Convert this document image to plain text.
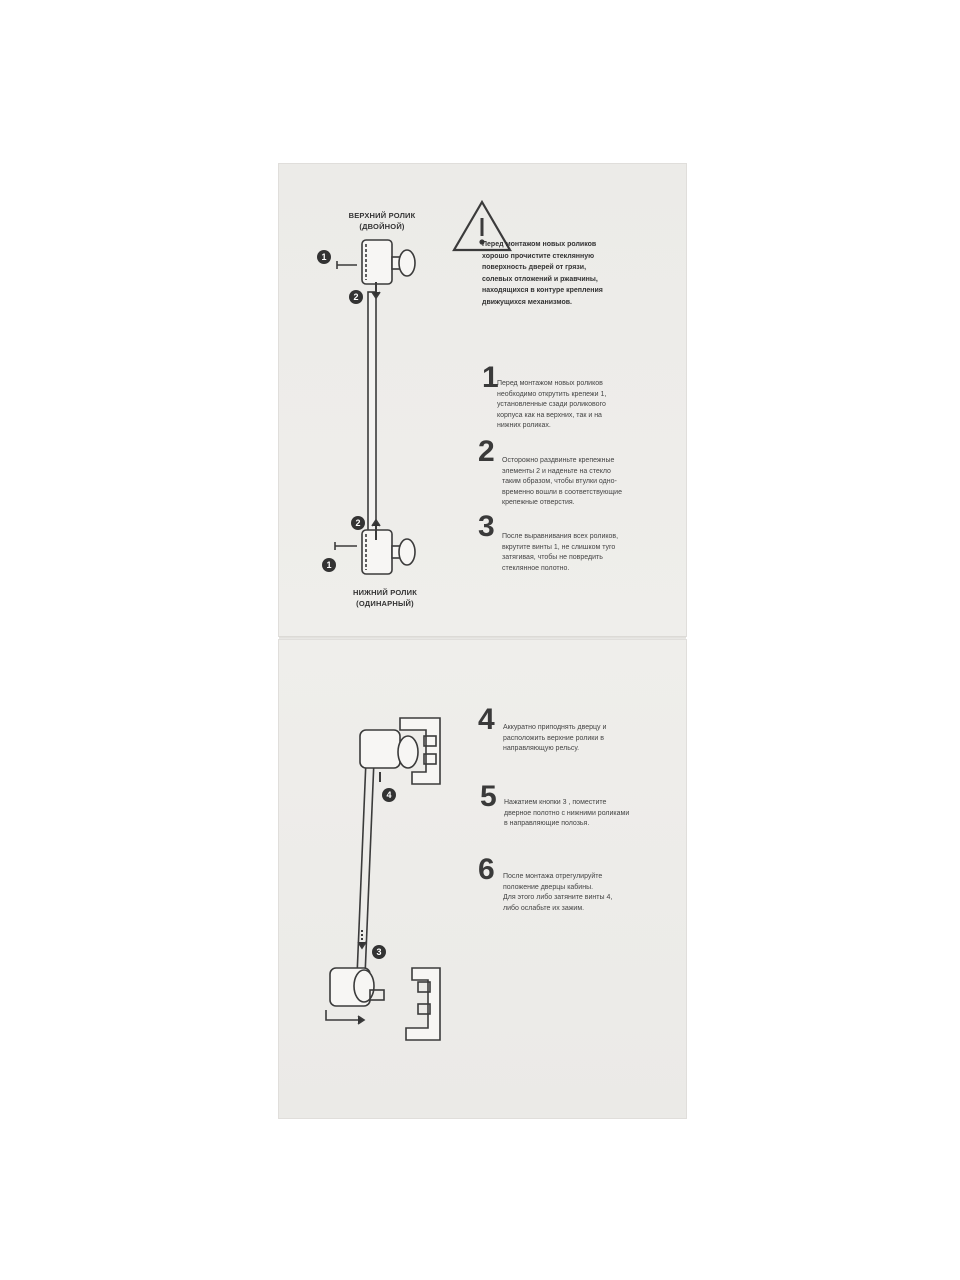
1
2
2
1
4
3
ВЕРХНИЙ РОЛИК
(ДВОЙНОЙ)
НИЖНИЙ РОЛИК
(ОДИНАРНЫЙ)
Перед монтажом новых роликов
хорошо прочистите стеклянную
поверхность дверей от грязи,
солевых отложений и ржавчины,
находящихся в контуре крепления
движущихся механизмов.
1
Перед монтажом новых роликов
необходимо открутить крепежи 1,
установленные сзади роликового
корпуса как на верхних, так и на
нижних роликах.
2 Осторожно раздвиньте крепежные
элементы 2 и наденьте на стекло
таким образом, чтобы втулки одно-
временно вошли в соответствующие
крепежные отверстия.
3 После выравнивания всех роликов,
вкрутите винты 1, не слишком туго
затягивая, чтобы не повредить
стеклянное полотно.
4 Аккуратно приподнять дверцу и
расположить верхние ролики в
направляющую рельсу.
5 Нажатием кнопки 3 , поместите
дверное полотно с нижними роликами
в направляющие полозья.
6 После монтажа отрегулируйте
положение дверцы кабины.
Для этого либо затяните винты 4,
либо ослабьте их зажим.
